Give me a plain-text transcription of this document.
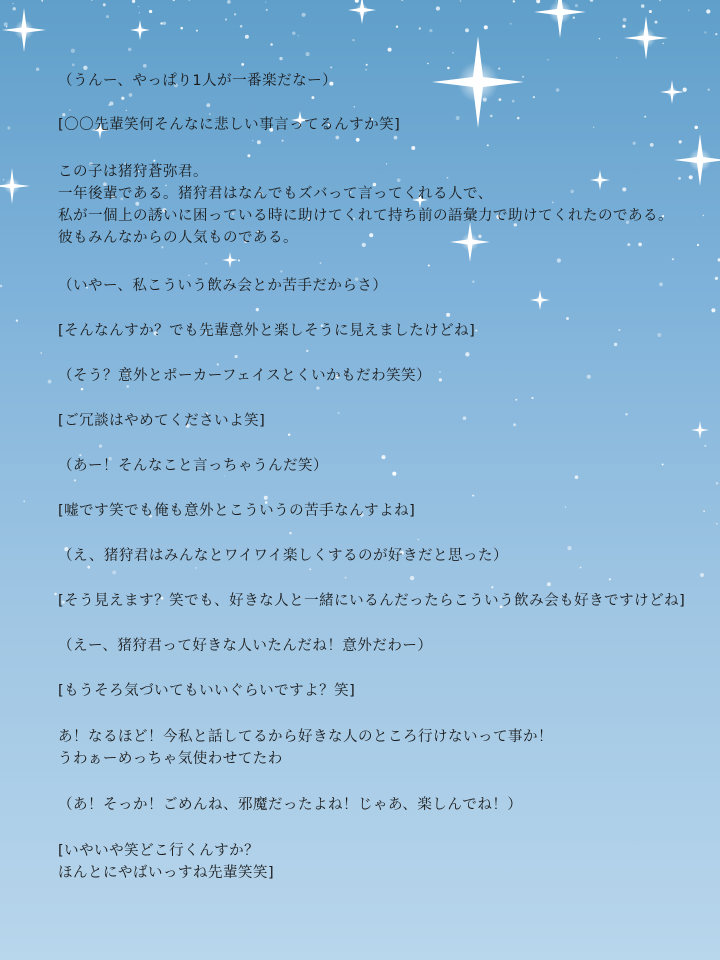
（うんー、やっぱり1人が一番楽だなー）
[〇〇先輩笑何そんなに悲しい事言ってるんすか笑]
この子は猪狩蒼弥君。
一年後輩である。猪狩君はなんでもズバって言ってくれる人で、
私が一個上の誘いに困っている時に助けてくれて持ち前の語彙力で助けてくれたのである。
彼もみんなからの人気ものである。
（いやー、私こういう飲み会とか苦手だからさ）
[そんなんすか？でも先輩意外と楽しそうに見えましたけどね]
（そう？意外とポーカーフェイスとくいかもだわ笑笑）
[ご冗談はやめてくださいよ笑]
（あー！そんなこと言っちゃうんだ笑）
[嘘です笑でも俺も意外とこういうの苦手なんすよね]
（え、猪狩君はみんなとワイワイ楽しくするのが好きだと思った）
[そう見えます？笑でも、好きな人と一緒にいるんだったらこういう飲み会も好きですけどね]
（えー、猪狩君って好きな人いたんだね！意外だわー）
[もうそろ気づいてもいいぐらいですよ？笑]
あ！なるほど！今私と話してるから好きな人のところ行けないって事か！
うわぁーめっちゃ気使わせてたわ
（あ！そっか！ごめんね、邪魔だったよね！じゃあ、楽しんでね！）
[いやいや笑どこ行くんすか？
ほんとにやばいっすね先輩笑笑]
